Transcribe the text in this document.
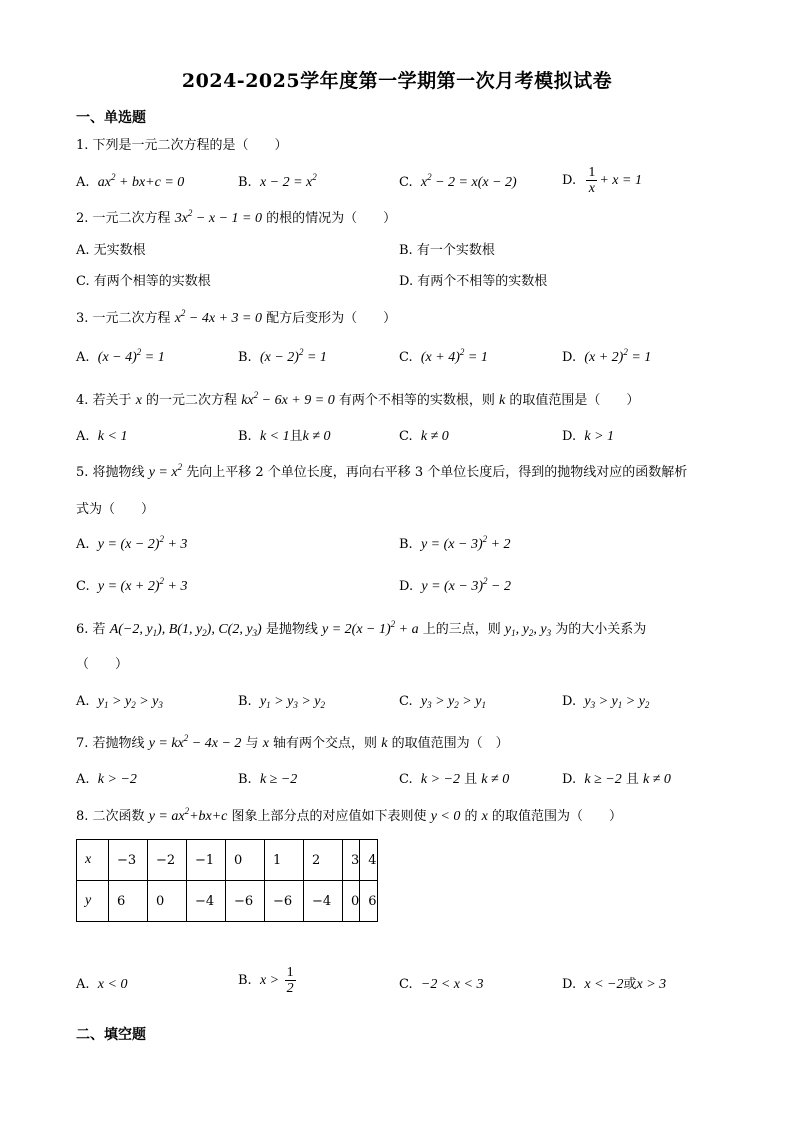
2024-2025学年度第一学期第一次月考模拟试卷
一、单选题
1. 下列是一元二次方程的是（　　）
A. $ax^2 + bx+c = 0$	B. $x - 2 = x^2$	C. $x^2 - 2 = x(x - 2)$	D. $\frac{1}{x} + x = 1$
2. 一元二次方程 $3x^2 - x - 1 = 0$ 的根的情况为（　　）
A. 无实数根	B. 有一个实数根
C. 有两个相等的实数根	D. 有两个不相等的实数根
3. 一元二次方程 $x^2 - 4x + 3 = 0$ 配方后变形为（　　）
A. $(x - 4)^2 = 1$	B. $(x - 2)^2 = 1$	C. $(x + 4)^2 = 1$	D. $(x + 2)^2 = 1$
4. 若关于 x 的一元二次方程 $kx^2 - 6x + 9 = 0$ 有两个不相等的实数根，则 k 的取值范围是（　　）
A. k < 1	B. k < 1且k ≠ 0	C. k ≠ 0	D. k > 1
5. 将抛物线 $y = x^2$ 先向上平移 2 个单位长度，再向右平移 3 个单位长度后，得到的抛物线对应的函数解析
式为（　　）
A. $y = (x - 2)^2 + 3$	B. $y = (x - 3)^2 + 2$
C. $y = (x + 2)^2 + 3$	D. $y = (x - 3)^2 - 2$
6. 若 A(−2, $y_1$), B(1, $y_2$), C(2, $y_3$) 是抛物线 $y = 2(x - 1)^2 + a$ 上的三点，则 $y_1$, $y_2$, $y_3$ 为的大小关系为
（　　）
A. $y_1 > y_2 > y_3$	B. $y_1 > y_3 > y_2$	C. $y_3 > y_2 > y_1$	D. $y_3 > y_1 > y_2$
7. 若抛物线 $y = kx^2 - 4x - 2$ 与 x 轴有两个交点，则 k 的取值范围为（　）
A. k > −2	B. k ≥ −2	C. k > −2 且 k ≠ 0	D. k ≥ −2 且 k ≠ 0
8. 二次函数 $y = ax^2+bx+c$ 图象上部分点的对应值如下表则使 y < 0 的 x 的取值范围为（　　）
x	−3	−2	−1	0	1	2	3	4
y	6	0	−4	−6	−6	−4	0	6
A. x < 0	B. $x > \frac{1}{2}$	C. −2 < x < 3	D. x < −2或x > 3
二、填空题
